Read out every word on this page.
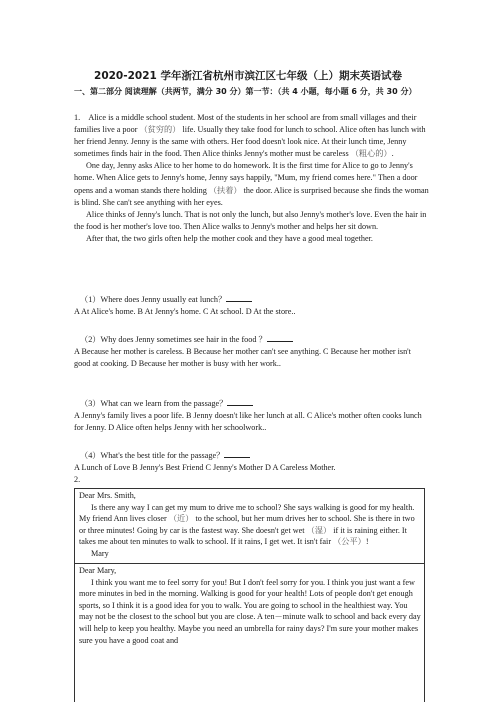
2020-2021 学年浙江省杭州市滨江区七年级（上）期末英语试卷
一、第二部分 阅读理解（共两节，满分 30 分）第一节：（共 4 小题，每小题 6 分，共 30 分）

1. Alice is a middle school student. Most of the students in her school are from small villages and their families live a poor （贫穷的） life. Usually they take food for lunch to school. Alice often has lunch with her friend Jenny. Jenny is the same with others. Her food doesn't look nice. At their lunch time, Jenny sometimes finds hair in the food. Then Alice thinks Jenny's mother must be careless （粗心的）.

One day, Jenny asks Alice to her home to do homework. It is the first time for Alice to go to Jenny's home. When Alice gets to Jenny's home, Jenny says happily, "Mum, my friend comes here." Then a door opens and a woman stands there holding （扶着） the door. Alice is surprised because she finds the woman is blind. She can't see anything with her eyes.

Alice thinks of Jenny's lunch. That is not only the lunch, but also Jenny's mother's love. Even the hair in the food is her mother's love too. Then Alice walks to Jenny's mother and helps her sit down.

After that, the two girls often help the mother cook and they have a good meal together.

（1）Where does Jenny usually eat lunch？

A At Alice's home. B At Jenny's home. C At school. D At the store..

（2）Why does Jenny sometimes see hair in the food ？

A Because her mother is careless. B Because her mother can't see anything. C Because her mother isn't good at cooking. D Because her mother is busy with her work..

（3）What can we learn from the passage？

A Jenny's family lives a poor life. B Jenny doesn't like her lunch at all. C Alice's mother often cooks lunch for Jenny. D Alice often helps Jenny with her schoolwork..

（4）What's the best title for the passage？

A Lunch of Love B Jenny's Best Friend C Jenny's Mother D A Careless Mother.

2.

Dear Mrs. Smith,

Is there any way I can get my mum to drive me to school? She says walking is good for my health. My friend Ann lives closer （近） to the school, but her mum drives her to school. She is there in two or three minutes! Going by car is the fastest way. She doesn't get wet （湿） if it is raining either. It takes me about ten minutes to walk to school. If it rains, I get wet. It isn't fair （公平）!

Mary

Dear Mary,

I think you want me to feel sorry for you! But I don't feel sorry for you. I think you just want a few more minutes in bed in the morning. Walking is good for your health! Lots of people don't get enough sports, so I think it is a good idea for you to walk. You are going to school in the healthiest way. You may not be the closest to the school but you are close. A ten－minute walk to school and back every day will help to keep you healthy. Maybe you need an umbrella for rainy days? I'm sure your mother makes sure you have a good coat and
